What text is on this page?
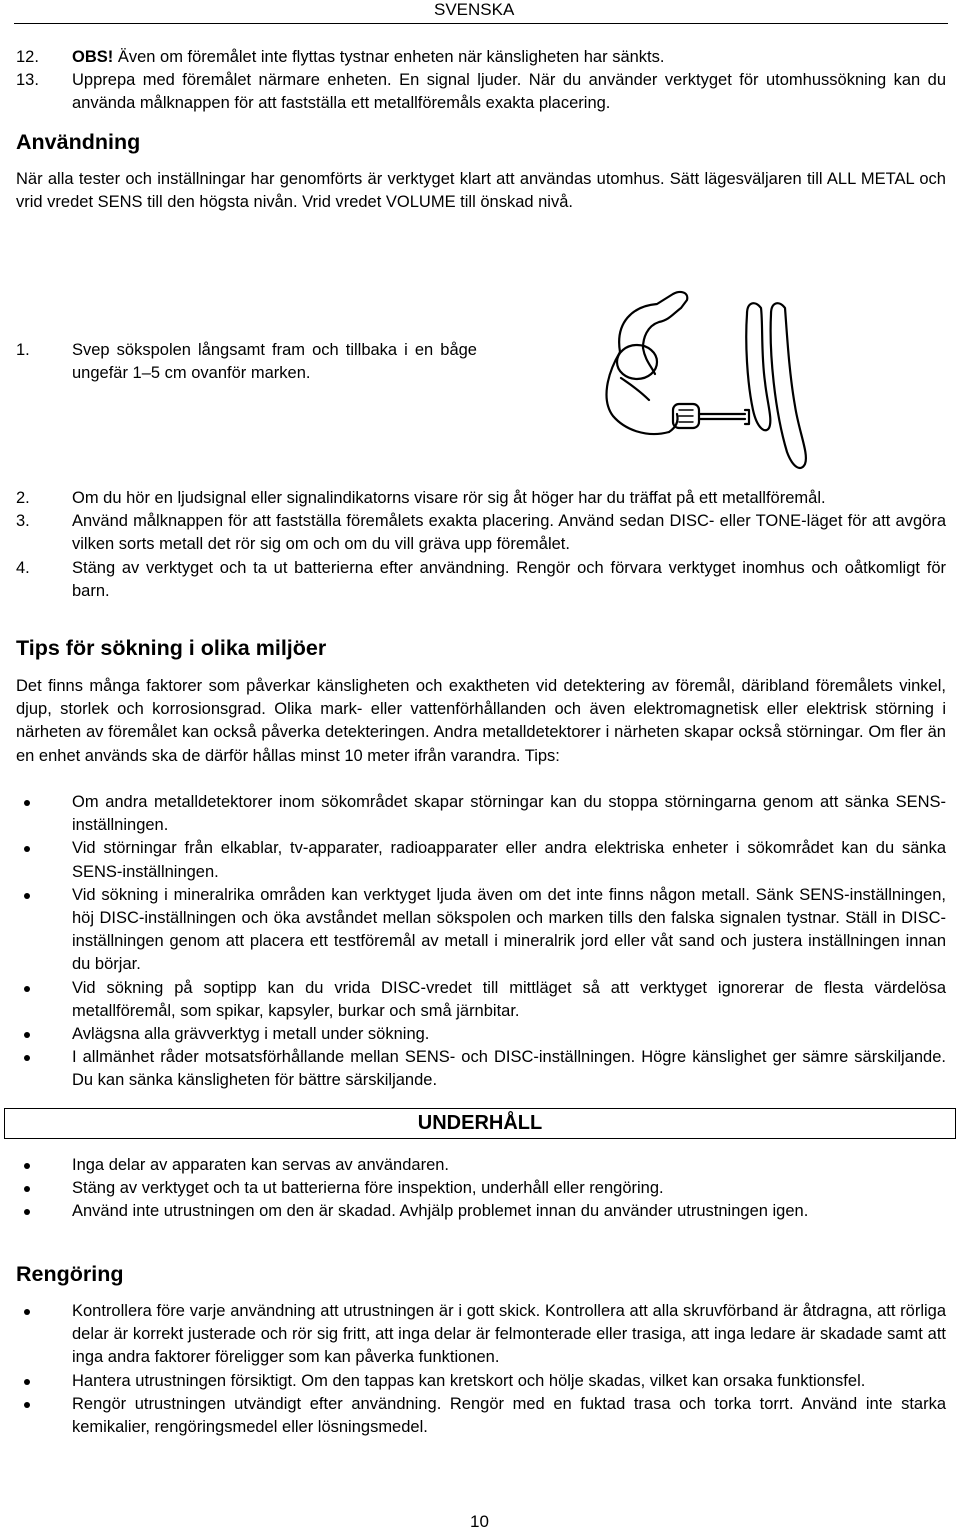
SVENSKA
12. OBS! Även om föremålet inte flyttas tystnar enheten när känsligheten har sänkts.
13. Upprepa med föremålet närmare enheten. En signal ljuder. När du använder verktyget för utomhussökning kan du använda målknappen för att fastställa ett metallföremåls exakta placering.
Användning
När alla tester och inställningar har genomförts är verktyget klart att användas utomhus. Sätt lägesväljaren till ALL METAL och vrid vredet SENS till den högsta nivån. Vrid vredet VOLUME till önskad nivå.
1.	Svep sökspolen långsamt fram och tillbaka i en båge ungefär 1–5 cm ovanför marken.
2.	Om du hör en ljudsignal eller signalindikatorns visare rör sig åt höger har du träffat på ett metallföremål.
3.	Använd målknappen för att fastställa föremålets exakta placering. Använd sedan DISC- eller TONE-läget för att avgöra vilken sorts metall det rör sig om och om du vill gräva upp föremålet.
4.	Stäng av verktyget och ta ut batterierna efter användning. Rengör och förvara verktyget inomhus och oåtkomligt för barn.
Tips för sökning i olika miljöer
Det finns många faktorer som påverkar känsligheten och exaktheten vid detektering av föremål, däribland föremålets vinkel, djup, storlek och korrosionsgrad. Olika mark- eller vattenförhållanden och även elektromagnetisk eller elektrisk störning i närheten av föremålet kan också påverka detekteringen. Andra metalldetektorer i närheten skapar också störningar. Om fler än en enhet används ska de därför hållas minst 10 meter ifrån varandra. Tips:
Om andra metalldetektorer inom sökområdet skapar störningar kan du stoppa störningarna genom att sänka SENS-inställningen.
Vid störningar från elkablar, tv-apparater, radioapparater eller andra elektriska enheter i sökområdet kan du sänka SENS-inställningen.
Vid sökning i mineralrika områden kan verktyget ljuda även om det inte finns någon metall. Sänk SENS-inställningen, höj DISC-inställningen och öka avståndet mellan sökspolen och marken tills den falska signalen tystnar. Ställ in DISC-inställningen genom att placera ett testföremål av metall i mineralrik jord eller våt sand och justera inställningen innan du börjar.
Vid sökning på soptipp kan du vrida DISC-vredet till mittläget så att verktyget ignorerar de flesta värdelösa metallföremål, som spikar, kapsyler, burkar och små järnbitar.
Avlägsna alla grävverktyg i metall under sökning.
I allmänhet råder motsatsförhållande mellan SENS- och DISC-inställningen. Högre känslighet ger sämre särskiljande. Du kan sänka känsligheten för bättre särskiljande.
UNDERHÅLL
Inga delar av apparaten kan servas av användaren.
Stäng av verktyget och ta ut batterierna före inspektion, underhåll eller rengöring.
Använd inte utrustningen om den är skadad. Avhjälp problemet innan du använder utrustningen igen.
Rengöring
Kontrollera före varje användning att utrustningen är i gott skick. Kontrollera att alla skruvförband är åtdragna, att rörliga delar är korrekt justerade och rör sig fritt, att inga delar är felmonterade eller trasiga, att inga ledare är skadade samt att inga andra faktorer föreligger som kan påverka funktionen.
Hantera utrustningen försiktigt. Om den tappas kan kretskort och hölje skadas, vilket kan orsaka funktionsfel.
Rengör utrustningen utvändigt efter användning. Rengör med en fuktad trasa och torka torrt. Använd inte starka kemikalier, rengöringsmedel eller lösningsmedel.
10
